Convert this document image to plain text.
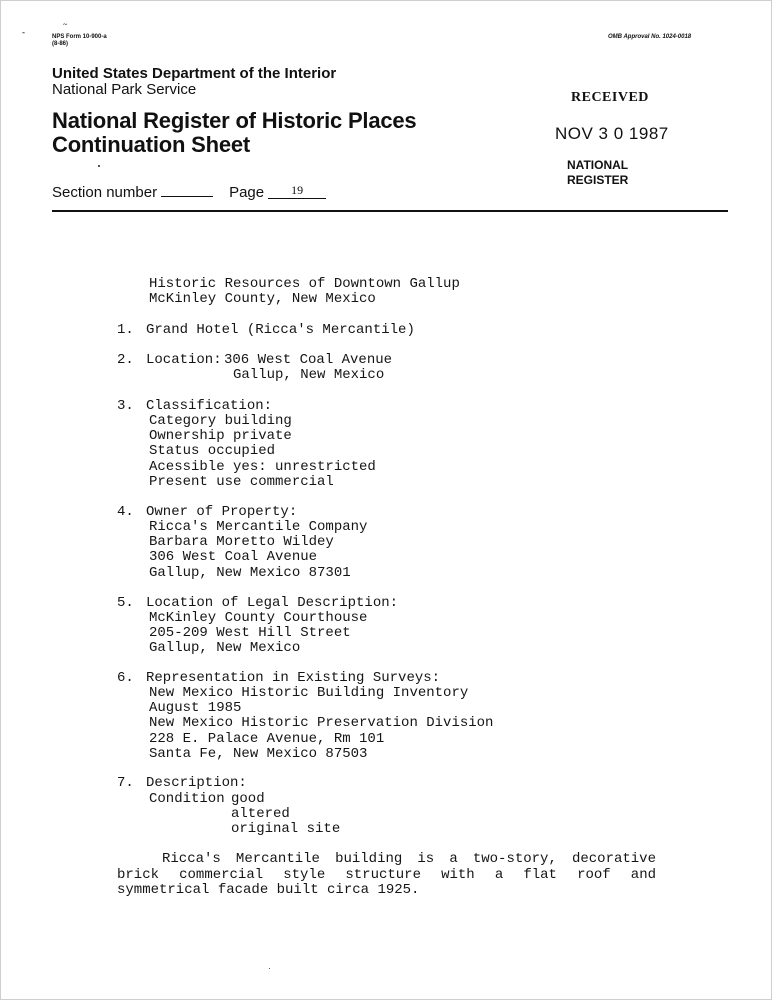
~
-	NPS Form 10-900-a
(8-86)
OMB Approval No. 1024-0018
United States Department of the Interior
National Park Service
National Register of Historic Places
Continuation Sheet
Section number	Page 19
RECEIVED
NOV 3 0 1987
NATIONAL
REGISTER
Historic Resources of Downtown Gallup
McKinley County, New Mexico
1. Grand Hotel (Ricca's Mercantile)
2. Location: 306 West Coal Avenue
Gallup, New Mexico
3. Classification:
Category building
Ownership private
Status occupied
Acessible yes: unrestricted
Present use commercial
4. Owner of Property:
Ricca's Mercantile Company
Barbara Moretto Wildey
306 West Coal Avenue
Gallup, New Mexico 87301
5. Location of Legal Description:
McKinley County Courthouse
205-209 West Hill Street
Gallup, New Mexico
6. Representation in Existing Surveys:
New Mexico Historic Building Inventory
August 1985
New Mexico Historic Preservation Division
228 E. Palace Avenue, Rm 101
Santa Fe, New Mexico 87503
7. Description:
Condition good
altered
original site
Ricca's Mercantile building is a two-story, decorative brick commercial style structure with a flat roof and symmetrical facade built circa 1925.
